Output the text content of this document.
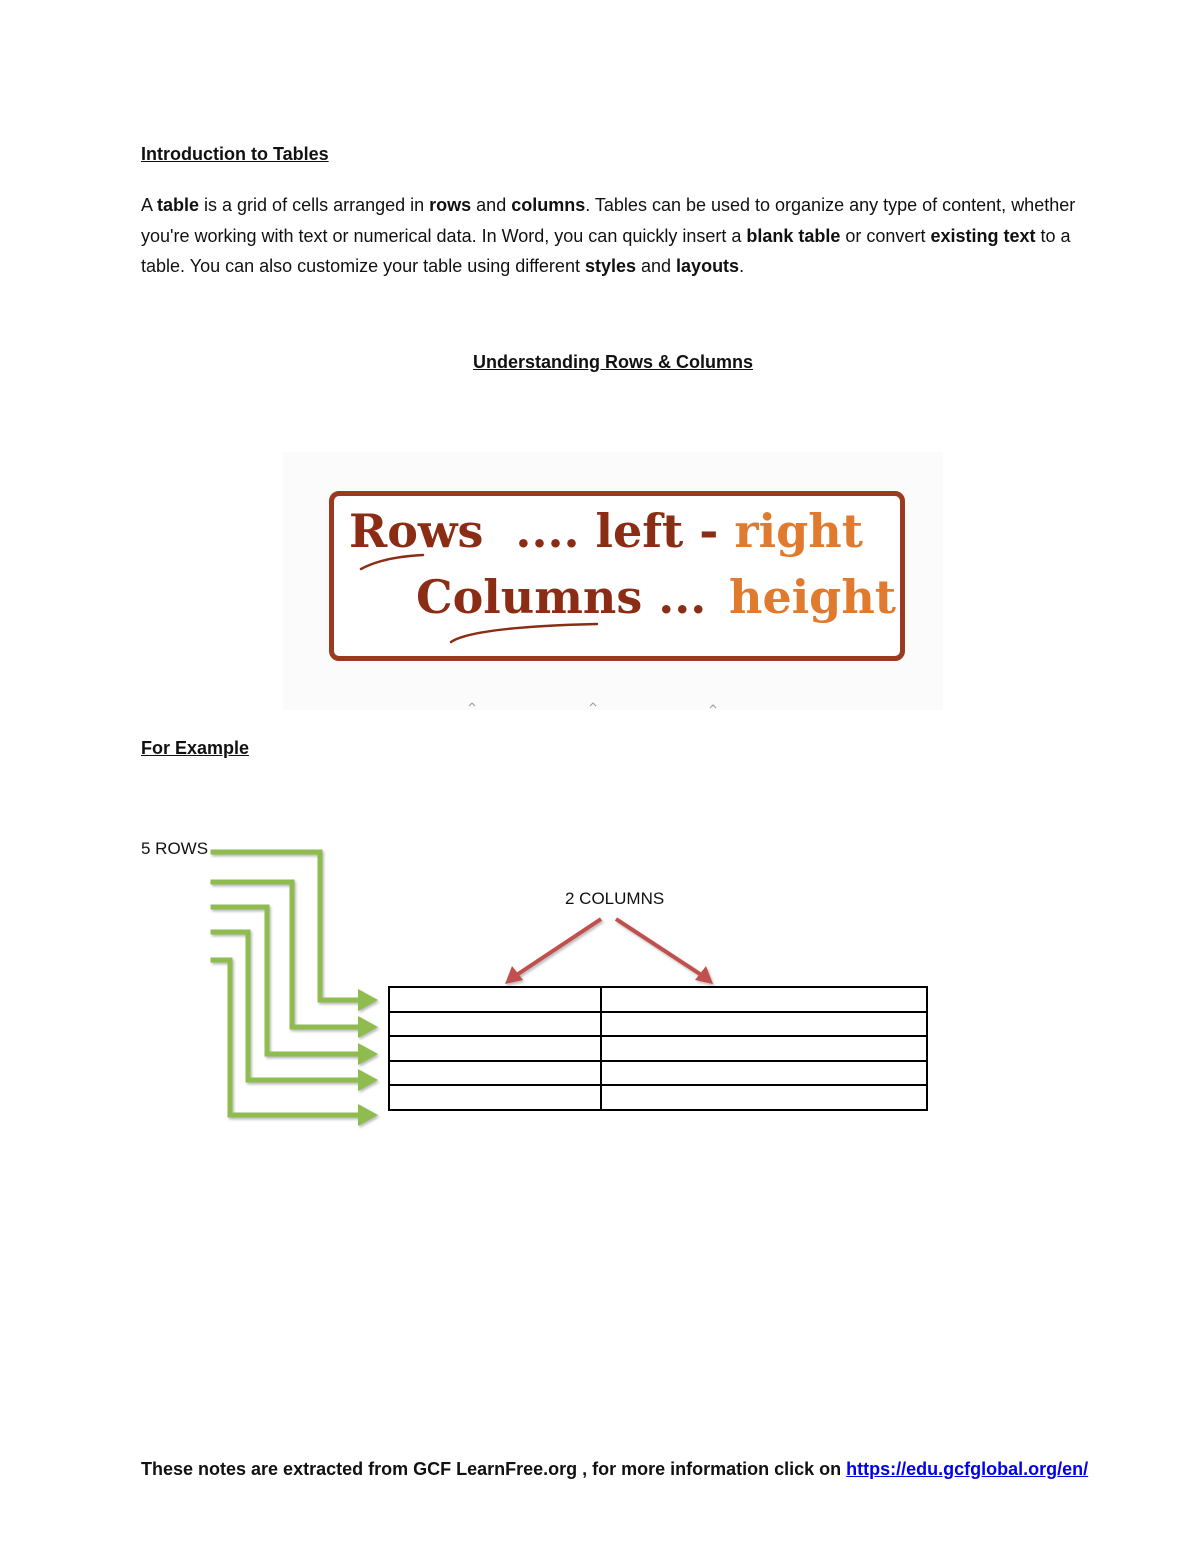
Introduction to Tables

A table is a grid of cells arranged in rows and columns. Tables can be used to organize any type of content, whether you're working with text or numerical data. In Word, you can quickly insert a blank table or convert existing text to a table. You can also customize your table using different styles and layouts.

Understanding Rows & Columns
Rows  .... left - right
Columns ... height
For Example

5 ROWS

2 COLUMNS

These notes are extracted from GCF LearnFree.org , for more information click on https://edu.gcfglobal.org/en/
